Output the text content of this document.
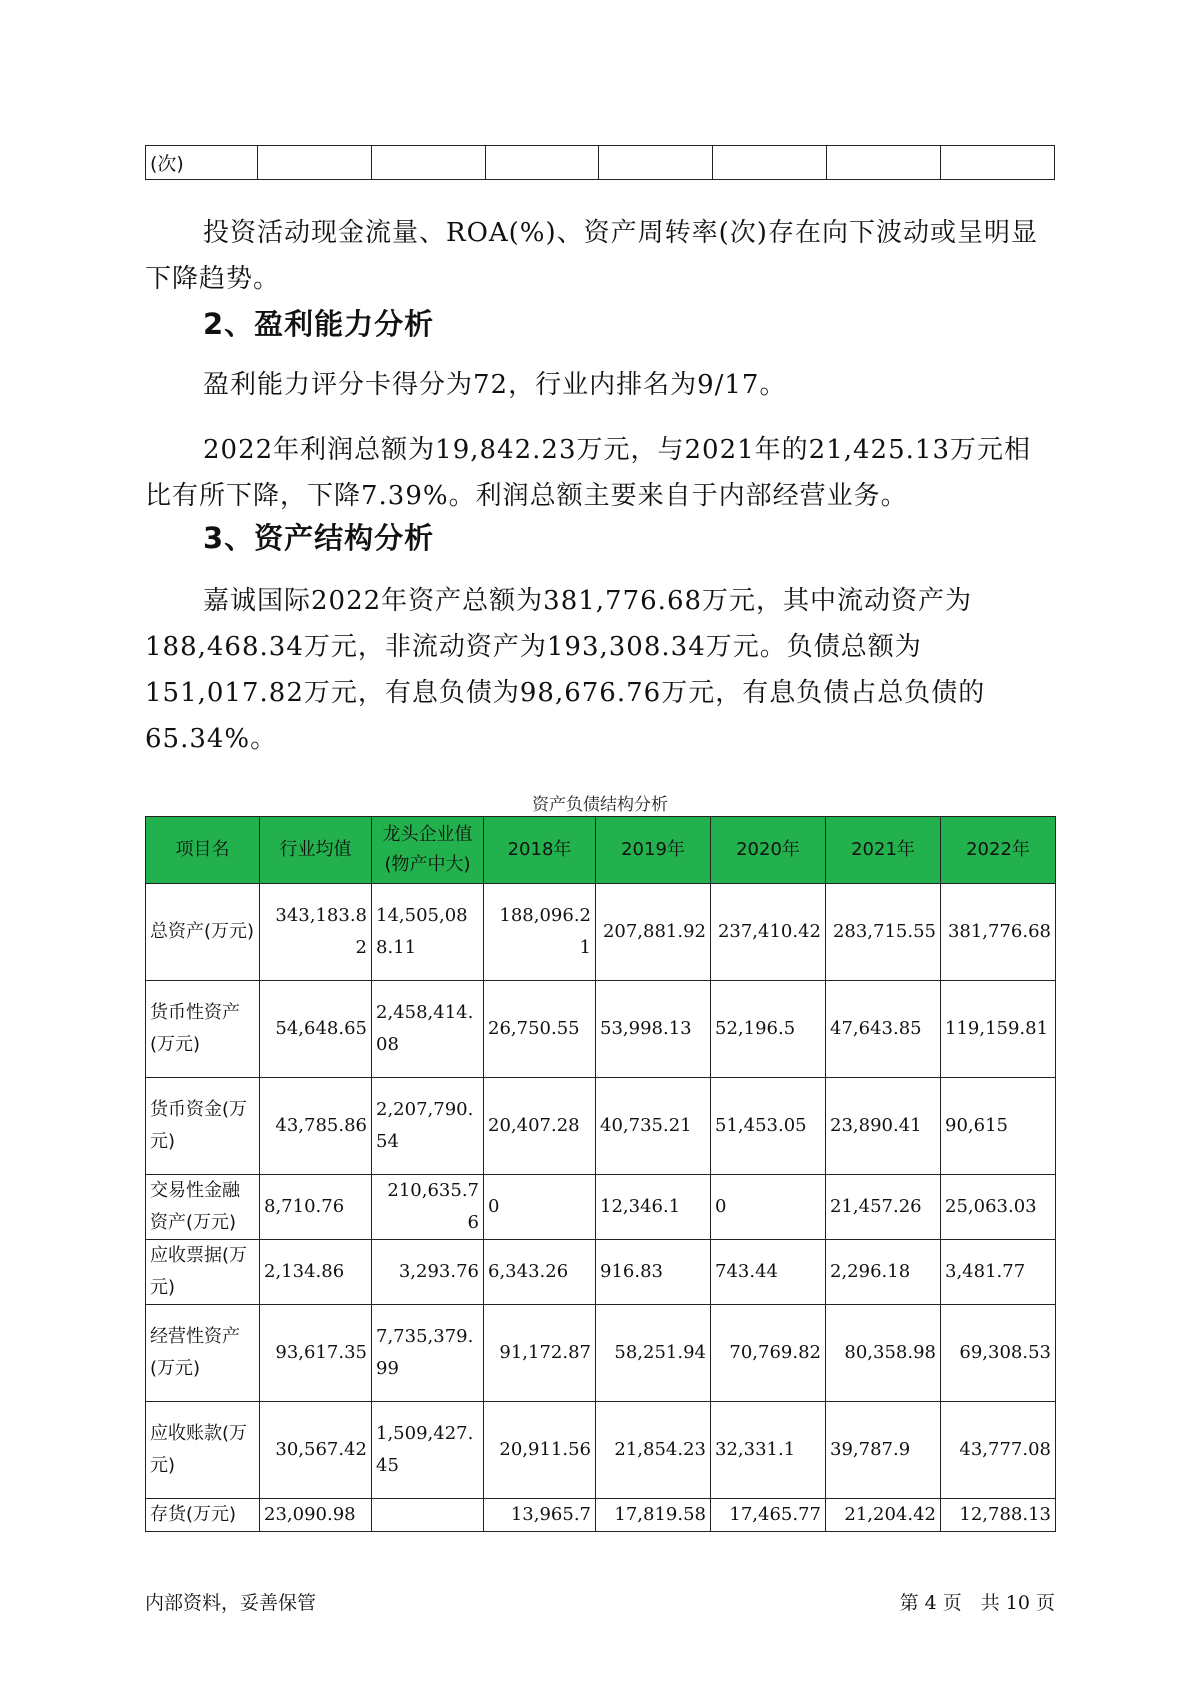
(次)							

投资活动现金流量、ROA(%)、资产周转率(次)存在向下波动或呈明显下降趋势。

2、盈利能力分析

盈利能力评分卡得分为72，行业内排名为9/17。

2022年利润总额为19,842.23万元，与2021年的21,425.13万元相比有所下降，下降7.39%。利润总额主要来自于内部经营业务。

3、资产结构分析

嘉诚国际2022年资产总额为381,776.68万元，其中流动资产为188,468.34万元，非流动资产为193,308.34万元。负债总额为151,017.82万元，有息负债为98,676.76万元，有息负债占总负债的65.34%。

资产负债结构分析
项目名	行业均值	龙头企业值(物产中大)	2018年	2019年	2020年	2021年	2022年
总资产(万元)	343,183.82	14,505,088.11	188,096.21	207,881.92	237,410.42	283,715.55	381,776.68
货币性资产(万元)	54,648.65	2,458,414.08	26,750.55	53,998.13	52,196.5	47,643.85	119,159.81
货币资金(万元)	43,785.86	2,207,790.54	20,407.28	40,735.21	51,453.05	23,890.41	90,615
交易性金融资产(万元)	8,710.76	210,635.76	0	12,346.1	0	21,457.26	25,063.03
应收票据(万元)	2,134.86	3,293.76	6,343.26	916.83	743.44	2,296.18	3,481.77
经营性资产(万元)	93,617.35	7,735,379.99	91,172.87	58,251.94	70,769.82	80,358.98	69,308.53
应收账款(万元)	30,567.42	1,509,427.45	20,911.56	21,854.23	32,331.1	39,787.9	43,777.08
存货(万元)	23,090.98		13,965.7	17,819.58	17,465.77	21,204.42	12,788.13
内部资料，妥善保管	第 4 页　共 10 页
